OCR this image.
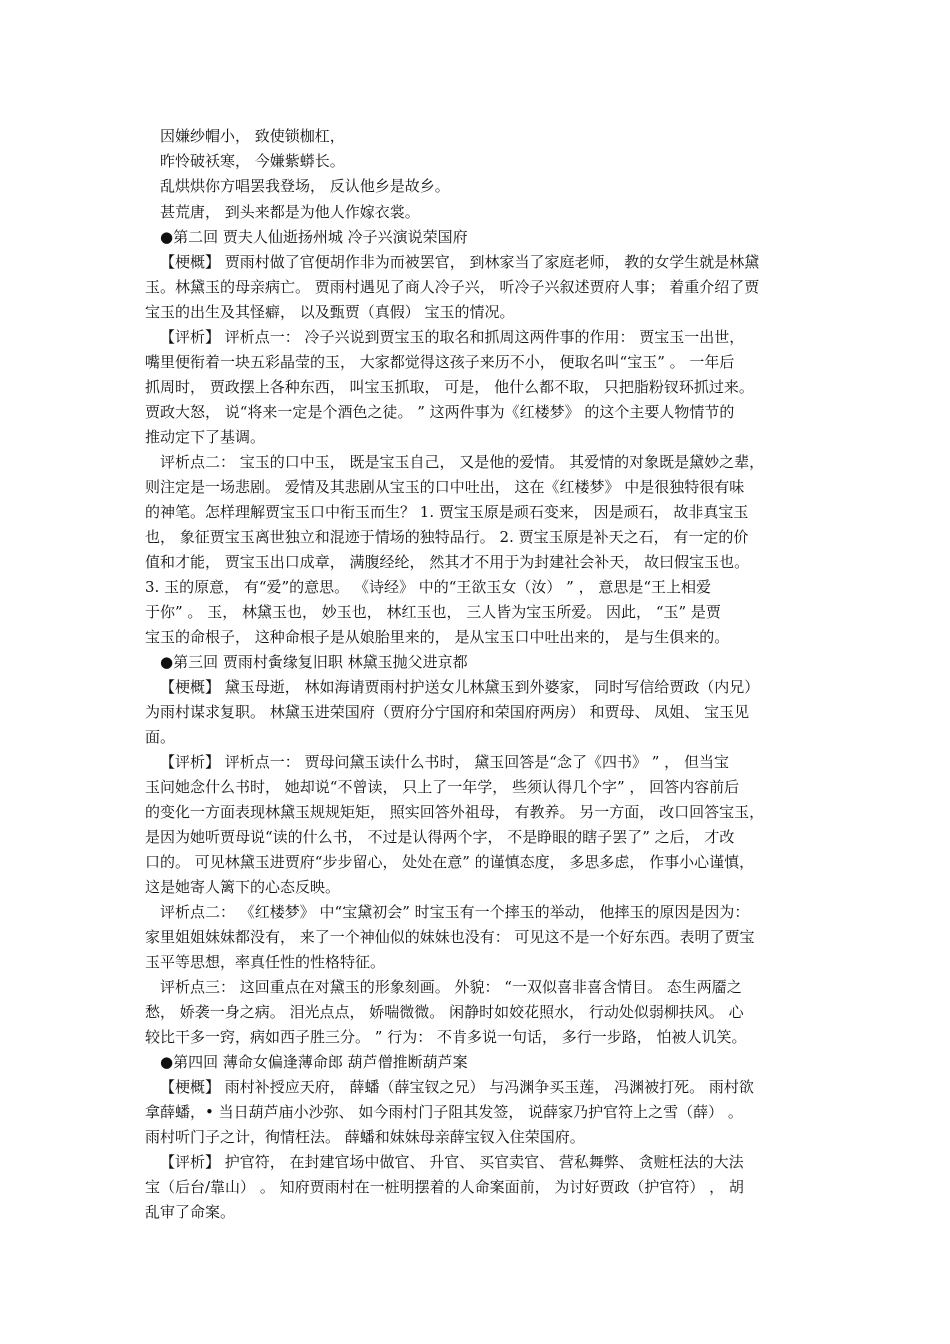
因嫌纱帽小， 致使锁枷杠，
昨怜破袄寒， 今嫌紫蟒长。
乱烘烘你方唱罢我登场， 反认他乡是故乡。
甚荒唐， 到头来都是为他人作嫁衣裳。
●第二回 贾夫人仙逝扬州城 冷子兴演说荣国府
【梗概】 贾雨村做了官便胡作非为而被罢官， 到林家当了家庭老师， 教的女学生就是林黛
玉。林黛玉的母亲病亡。 贾雨村遇见了商人冷子兴， 听冷子兴叙述贾府人事； 着重介绍了贾
宝玉的出生及其怪癖， 以及甄贾（真假） 宝玉的情况。
【评析】 评析点一： 冷子兴说到贾宝玉的取名和抓周这两件事的作用： 贾宝玉一出世，
嘴里便衔着一块五彩晶莹的玉， 大家都觉得这孩子来历不小， 便取名叫“宝玉” 。 一年后
抓周时， 贾政摆上各种东西， 叫宝玉抓取， 可是， 他什么都不取， 只把脂粉钗环抓过来。
贾政大怒， 说“将来一定是个酒色之徒。 ” 这两件事为《红楼梦》 的这个主要人物情节的
推动定下了基调。
评析点二： 宝玉的口中玉， 既是宝玉自己， 又是他的爱情。 其爱情的对象既是黛妙之辈，
则注定是一场悲剧。 爱情及其悲剧从宝玉的口中吐出， 这在《红楼梦》 中是很独特很有味
的神笔。怎样理解贾宝玉口中衔玉而生？ 1. 贾宝玉原是顽石变来， 因是顽石， 故非真宝玉
也， 象征贾宝玉离世独立和混迹于情场的独特品行。 2. 贾宝玉原是补天之石， 有一定的价
值和才能， 贾宝玉出口成章， 满腹经纶， 然其才不用于为封建社会补天， 故曰假宝玉也。
3. 玉的原意， 有“爱”的意思。 《诗经》 中的“王欲玉女（汝） ” ， 意思是“王上相爱
于你” 。 玉， 林黛玉也， 妙玉也， 林红玉也， 三人皆为宝玉所爱。 因此， “玉” 是贾
宝玉的命根子， 这种命根子是从娘胎里来的， 是从宝玉口中吐出来的， 是与生俱来的。
●第三回 贾雨村夤缘复旧职 林黛玉抛父进京都
【梗概】 黛玉母逝， 林如海请贾雨村护送女儿林黛玉到外婆家， 同时写信给贾政（内兄）
为雨村谋求复职。 林黛玉进荣国府（贾府分宁国府和荣国府两房） 和贾母、 凤姐、 宝玉见
面。
【评析】 评析点一： 贾母问黛玉读什么书时， 黛玉回答是“念了《四书》 ” ， 但当宝
玉问她念什么书时， 她却说“不曾读， 只上了一年学， 些须认得几个字” ， 回答内容前后
的变化一方面表现林黛玉规规矩矩， 照实回答外祖母， 有教养。 另一方面， 改口回答宝玉，
是因为她听贾母说“读的什么书， 不过是认得两个字， 不是睁眼的瞎子罢了” 之后， 才改
口的。 可见林黛玉进贾府“步步留心， 处处在意” 的谨慎态度， 多思多虑， 作事小心谨慎，
这是她寄人篱下的心态反映。
评析点二： 《红楼梦》 中“宝黛初会” 时宝玉有一个摔玉的举动， 他摔玉的原因是因为：
家里姐姐妹妹都没有， 来了一个神仙似的妹妹也没有： 可见这不是一个好东西。表明了贾宝
玉平等思想，率真任性的性格特征。
评析点三： 这回重点在对黛玉的形象刻画。 外貌： “一双似喜非喜含情目。 态生两靥之
愁， 娇袭一身之病。 泪光点点， 娇喘微微。 闲静时如姣花照水， 行动处似弱柳扶风。 心
较比干多一窍，病如西子胜三分。 ” 行为： 不肯多说一句话， 多行一步路， 怕被人讥笑。
●第四回 薄命女偏逢薄命郎 葫芦僧推断葫芦案
【梗概】 雨村补授应天府， 薛蟠（薛宝钗之兄） 与冯渊争买玉莲， 冯渊被打死。 雨村欲
拿薛蟠，• 当日葫芦庙小沙弥、 如今雨村门子阻其发签， 说薛家乃护官符上之雪（薛） 。
雨村听门子之计，徇情枉法。 薛蟠和妹妹母亲薛宝钗入住荣国府。
【评析】 护官符， 在封建官场中做官、 升官、 买官卖官、 营私舞弊、 贪赃枉法的大法
宝（后台/靠山） 。 知府贾雨村在一桩明摆着的人命案面前， 为讨好贾政（护官符） ， 胡
乱审了命案。
